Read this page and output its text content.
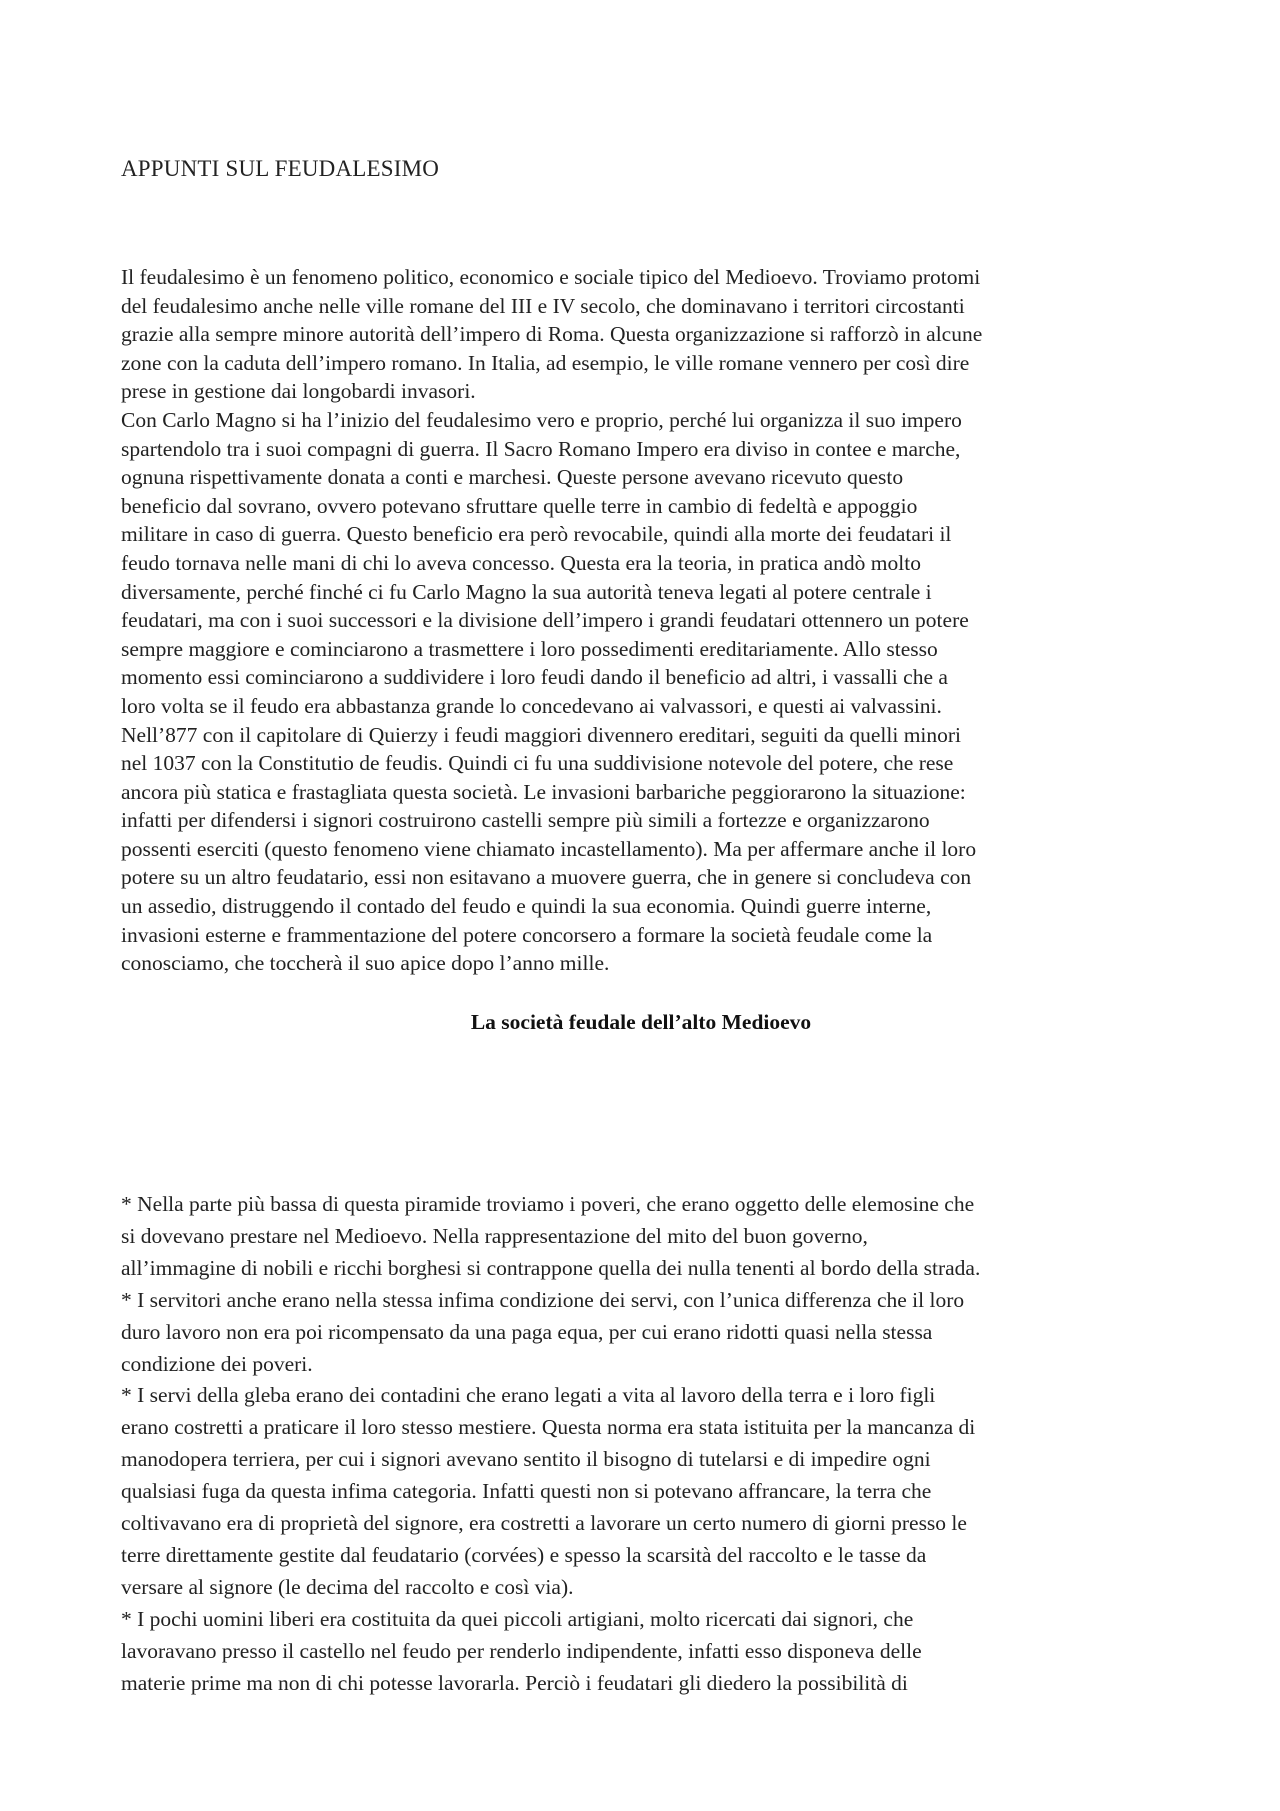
APPUNTI SUL FEUDALESIMO

Il feudalesimo è un fenomeno politico, economico e sociale tipico del Medioevo. Troviamo protomi

del feudalesimo anche nelle ville romane del III e IV secolo, che dominavano i territori circostanti

grazie alla sempre minore autorità dell’impero di Roma. Questa organizzazione si rafforzò in alcune

zone con la caduta dell’impero romano. In Italia, ad esempio, le ville romane vennero per così dire

prese in gestione dai longobardi invasori.

Con Carlo Magno si ha l’inizio del feudalesimo vero e proprio, perché lui organizza il suo impero

spartendolo tra i suoi compagni di guerra. Il Sacro Romano Impero era diviso in contee e marche,

ognuna rispettivamente donata a conti e marchesi. Queste persone avevano ricevuto questo

beneficio dal sovrano, ovvero potevano sfruttare quelle terre in cambio di fedeltà e appoggio

militare in caso di guerra. Questo beneficio era però revocabile, quindi alla morte dei feudatari il

feudo tornava nelle mani di chi lo aveva concesso. Questa era la teoria, in pratica andò molto

diversamente, perché finché ci fu Carlo Magno la sua autorità teneva legati al potere centrale i

feudatari, ma con i suoi successori e la divisione dell’impero i grandi feudatari ottennero un potere

sempre maggiore e cominciarono a trasmettere i loro possedimenti ereditariamente. Allo stesso

momento essi cominciarono a suddividere i loro feudi dando il beneficio ad altri, i vassalli che a

loro volta se il feudo era abbastanza grande lo concedevano ai valvassori, e questi ai valvassini.

Nell’877 con il capitolare di Quierzy i feudi maggiori divennero ereditari, seguiti da quelli minori

nel 1037 con la Constitutio de feudis. Quindi ci fu una suddivisione notevole del potere, che rese

ancora più statica e frastagliata questa società. Le invasioni barbariche peggiorarono la situazione:

infatti per difendersi i signori costruirono castelli sempre più simili a fortezze e organizzarono

possenti eserciti (questo fenomeno viene chiamato incastellamento). Ma per affermare anche il loro

potere su un altro feudatario, essi non esitavano a muovere guerra, che in genere si concludeva con

un assedio, distruggendo il contado del feudo e quindi la sua economia. Quindi guerre interne,

invasioni esterne e frammentazione del potere concorsero a formare la società feudale come la

conosciamo, che toccherà il suo apice dopo l’anno mille.

La società feudale dell’alto Medioevo

* Nella parte più bassa di questa piramide troviamo i poveri, che erano oggetto delle elemosine che

si dovevano prestare nel Medioevo. Nella rappresentazione del mito del buon governo,

all’immagine di nobili e ricchi borghesi si contrappone quella dei nulla tenenti al bordo della strada.

* I servitori anche erano nella stessa infima condizione dei servi, con l’unica differenza che il loro

duro lavoro non era poi ricompensato da una paga equa, per cui erano ridotti quasi nella stessa

condizione dei poveri.

* I servi della gleba erano dei contadini che erano legati a vita al lavoro della terra e i loro figli

erano costretti a praticare il loro stesso mestiere. Questa norma era stata istituita per la mancanza di

manodopera terriera, per cui i signori avevano sentito il bisogno di tutelarsi e di impedire ogni

qualsiasi fuga da questa infima categoria. Infatti questi non si potevano affrancare, la terra che

coltivavano era di proprietà del signore, era costretti a lavorare un certo numero di giorni presso le

terre direttamente gestite dal feudatario (corvées) e spesso la scarsità del raccolto e le tasse da

versare al signore (le decima del raccolto e così via).

* I pochi uomini liberi era costituita da quei piccoli artigiani, molto ricercati dai signori, che

lavoravano presso il castello nel feudo per renderlo indipendente, infatti esso disponeva delle

materie prime ma non di chi potesse lavorarla. Perciò i feudatari gli diedero la possibilità di
